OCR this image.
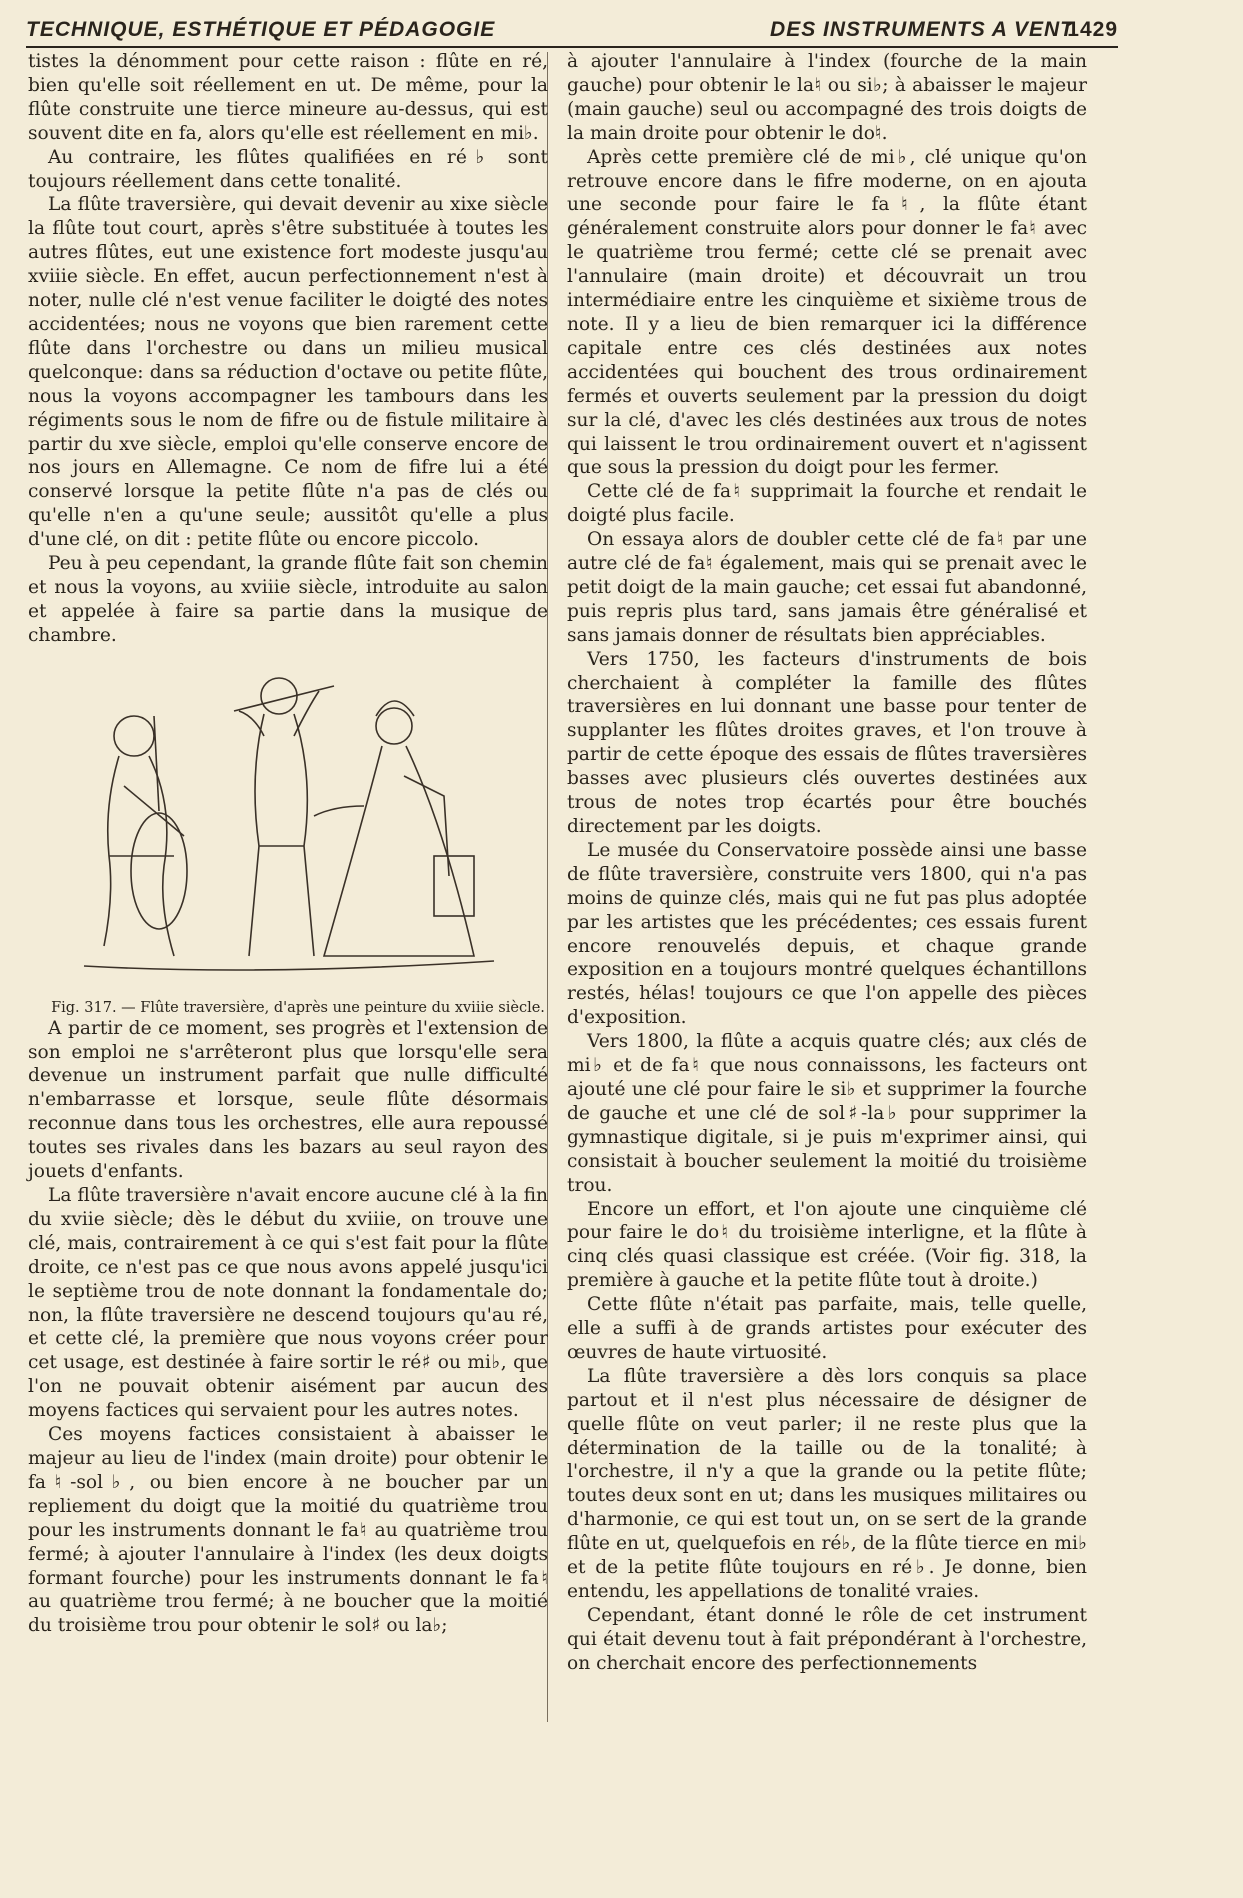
TECHNIQUE, ESTHÉTIQUE ET PÉDAGOGIE	DES INSTRUMENTS A VENT
1429

tistes la dénomment pour cette raison : flûte en ré, bien qu'elle soit réellement en ut. De même, pour la flûte construite une tierce mineure au-dessus, qui est souvent dite en fa, alors qu'elle est réellement en mi♭.

Au contraire, les flûtes qualifiées en ré♭ sont toujours réellement dans cette tonalité.

La flûte traversière, qui devait devenir au xixe siècle la flûte tout court, après s'être substituée à toutes les autres flûtes, eut une existence fort modeste jusqu'au xviiie siècle. En effet, aucun perfectionnement n'est à noter, nulle clé n'est venue faciliter le doigté des notes accidentées; nous ne voyons que bien rarement cette flûte dans l'orchestre ou dans un milieu musical quelconque: dans sa réduction d'octave ou petite flûte, nous la voyons accompagner les tambours dans les régiments sous le nom de fifre ou de fistule militaire à partir du xve siècle, emploi qu'elle conserve encore de nos jours en Allemagne. Ce nom de fifre lui a été conservé lorsque la petite flûte n'a pas de clés ou qu'elle n'en a qu'une seule; aussitôt qu'elle a plus d'une clé, on dit : petite flûte ou encore piccolo.

Peu à peu cependant, la grande flûte fait son chemin et nous la voyons, au xviiie siècle, introduite au salon et appelée à faire sa partie dans la musique de chambre.

Fig. 317. — Flûte traversière, d'après une peinture du xviiie siècle.

A partir de ce moment, ses progrès et l'extension de son emploi ne s'arrêteront plus que lorsqu'elle sera devenue un instrument parfait que nulle difficulté n'embarrasse et lorsque, seule flûte désormais reconnue dans tous les orchestres, elle aura repoussé toutes ses rivales dans les bazars au seul rayon des jouets d'enfants.

La flûte traversière n'avait encore aucune clé à la fin du xviie siècle; dès le début du xviiie, on trouve une clé, mais, contrairement à ce qui s'est fait pour la flûte droite, ce n'est pas ce que nous avons appelé jusqu'ici le septième trou de note donnant la fondamentale do; non, la flûte traversière ne descend toujours qu'au ré, et cette clé, la première que nous voyons créer pour cet usage, est destinée à faire sortir le ré♯ ou mi♭, que l'on ne pouvait obtenir aisément par aucun des moyens factices qui servaient pour les autres notes.

Ces moyens factices consistaient à abaisser le majeur au lieu de l'index (main droite) pour obtenir le fa♮-sol♭, ou bien encore à ne boucher par un repliement du doigt que la moitié du quatrième trou pour les instruments donnant le fa♮ au quatrième trou fermé; à ajouter l'annulaire à l'index (les deux doigts formant fourche) pour les instruments donnant le fa♮ au quatrième trou fermé; à ne boucher que la moitié du troisième trou pour obtenir le sol♯ ou la♭;

à ajouter l'annulaire à l'index (fourche de la main gauche) pour obtenir le la♮ ou si♭; à abaisser le majeur (main gauche) seul ou accompagné des trois doigts de la main droite pour obtenir le do♮.

Après cette première clé de mi♭, clé unique qu'on retrouve encore dans le fifre moderne, on en ajouta une seconde pour faire le fa♮, la flûte étant généralement construite alors pour donner le fa♮ avec le quatrième trou fermé; cette clé se prenait avec l'annulaire (main droite) et découvrait un trou intermédiaire entre les cinquième et sixième trous de note. Il y a lieu de bien remarquer ici la différence capitale entre ces clés destinées aux notes accidentées qui bouchent des trous ordinairement fermés et ouverts seulement par la pression du doigt sur la clé, d'avec les clés destinées aux trous de notes qui laissent le trou ordinairement ouvert et n'agissent que sous la pression du doigt pour les fermer.

Cette clé de fa♮ supprimait la fourche et rendait le doigté plus facile.

On essaya alors de doubler cette clé de fa♮ par une autre clé de fa♮ également, mais qui se prenait avec le petit doigt de la main gauche; cet essai fut abandonné, puis repris plus tard, sans jamais être généralisé et sans jamais donner de résultats bien appréciables.

Vers 1750, les facteurs d'instruments de bois cherchaient à compléter la famille des flûtes traversières en lui donnant une basse pour tenter de supplanter les flûtes droites graves, et l'on trouve à partir de cette époque des essais de flûtes traversières basses avec plusieurs clés ouvertes destinées aux trous de notes trop écartés pour être bouchés directement par les doigts.

Le musée du Conservatoire possède ainsi une basse de flûte traversière, construite vers 1800, qui n'a pas moins de quinze clés, mais qui ne fut pas plus adoptée par les artistes que les précédentes; ces essais furent encore renouvelés depuis, et chaque grande exposition en a toujours montré quelques échantillons restés, hélas! toujours ce que l'on appelle des pièces d'exposition.

Vers 1800, la flûte a acquis quatre clés; aux clés de mi♭ et de fa♮ que nous connaissons, les facteurs ont ajouté une clé pour faire le si♭ et supprimer la fourche de gauche et une clé de sol♯-la♭ pour supprimer la gymnastique digitale, si je puis m'exprimer ainsi, qui consistait à boucher seulement la moitié du troisième trou.

Encore un effort, et l'on ajoute une cinquième clé pour faire le do♮ du troisième interligne, et la flûte à cinq clés quasi classique est créée. (Voir fig. 318, la première à gauche et la petite flûte tout à droite.)

Cette flûte n'était pas parfaite, mais, telle quelle, elle a suffi à de grands artistes pour exécuter des œuvres de haute virtuosité.

La flûte traversière a dès lors conquis sa place partout et il n'est plus nécessaire de désigner de quelle flûte on veut parler; il ne reste plus que la détermination de la taille ou de la tonalité; à l'orchestre, il n'y a que la grande ou la petite flûte; toutes deux sont en ut; dans les musiques militaires ou d'harmonie, ce qui est tout un, on se sert de la grande flûte en ut, quelquefois en ré♭, de la flûte tierce en mi♭ et de la petite flûte toujours en ré♭. Je donne, bien entendu, les appellations de tonalité vraies.

Cependant, étant donné le rôle de cet instrument qui était devenu tout à fait prépondérant à l'orchestre, on cherchait encore des perfectionnements
